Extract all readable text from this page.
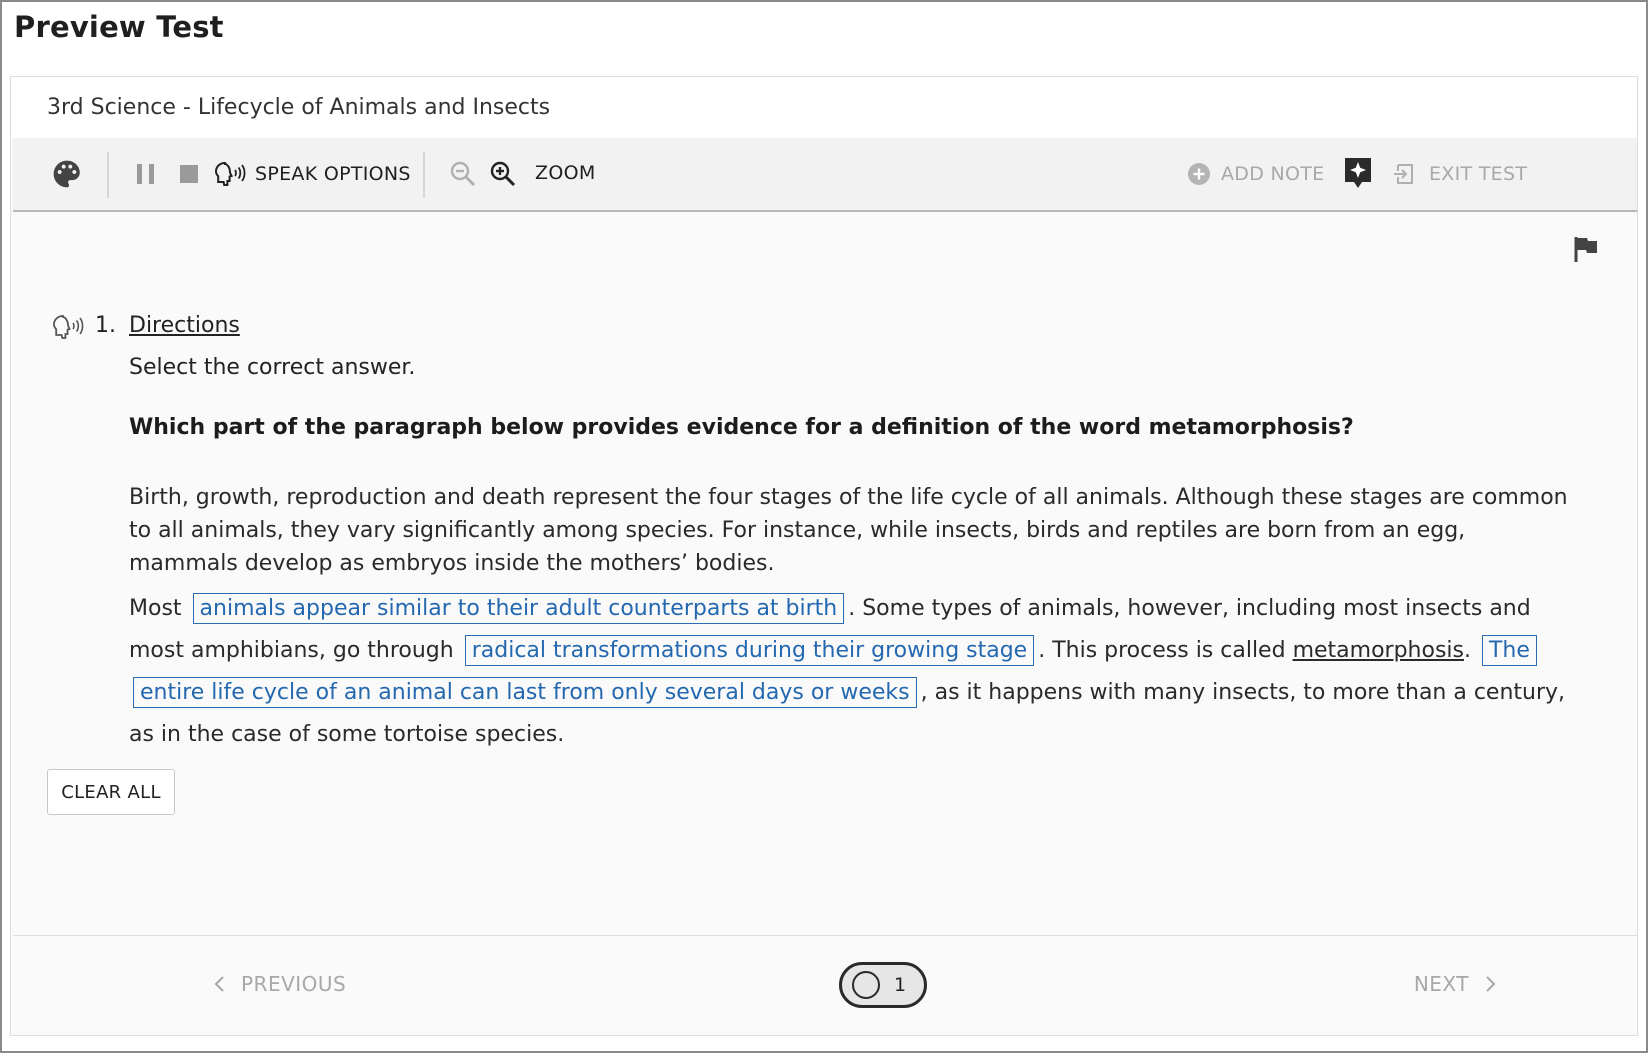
Preview Test
3rd Science - Lifecycle of Animals and Insects
SPEAK OPTIONS	ZOOM	ADD NOTE	EXIT TEST
1. Directions
Select the correct answer.
Which part of the paragraph below provides evidence for a definition of the word metamorphosis?

Birth, growth, reproduction and death represent the four stages of the life cycle of all animals. Although these stages are common to all animals, they vary significantly among species. For instance, while insects, birds and reptiles are born from an egg, mammals develop as embryos inside the mothers’ bodies.

Most animals appear similar to their adult counterparts at birth . Some types of animals, however, including most insects and most amphibians, go through radical transformations during their growing stage . This process is called metamorphosis. The entire life cycle of an animal can last from only several days or weeks , as it happens with many insects, to more than a century, as in the case of some tortoise species.

CLEAR ALL
PREVIOUS	1	NEXT
